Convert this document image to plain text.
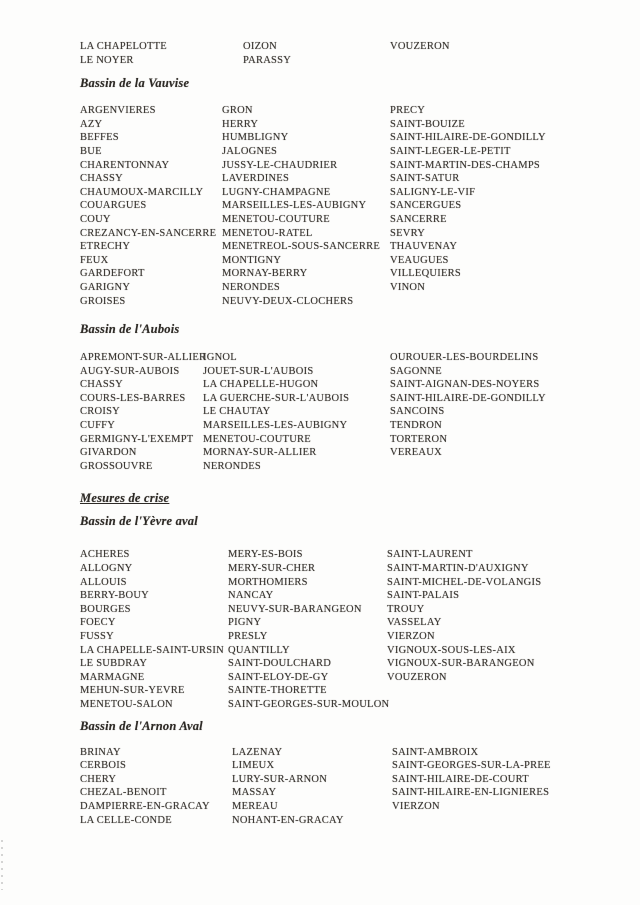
LA CHAPELOTTE
LE NOYER
OIZON
PARASSY
VOUZERON
Bassin de la Vauvise
ARGENVIERES
AZY
BEFFES
BUE
CHARENTONNAY
CHASSY
CHAUMOUX-MARCILLY
COUARGUES
COUY
CREZANCY-EN-SANCERRE
ETRECHY
FEUX
GARDEFORT
GARIGNY
GROISES
GRON
HERRY
HUMBLIGNY
JALOGNES
JUSSY-LE-CHAUDRIER
LAVERDINES
LUGNY-CHAMPAGNE
MARSEILLES-LES-AUBIGNY
MENETOU-COUTURE
MENETOU-RATEL
MENETREOL-SOUS-SANCERRE
MONTIGNY
MORNAY-BERRY
NERONDES
NEUVY-DEUX-CLOCHERS
PRECY
SAINT-BOUIZE
SAINT-HILAIRE-DE-GONDILLY
SAINT-LEGER-LE-PETIT
SAINT-MARTIN-DES-CHAMPS
SAINT-SATUR
SALIGNY-LE-VIF
SANCERGUES
SANCERRE
SEVRY
THAUVENAY
VEAUGUES
VILLEQUIERS
VINON
Bassin de l'Aubois
APREMONT-SUR-ALLIER
AUGY-SUR-AUBOIS
CHASSY
COURS-LES-BARRES
CROISY
CUFFY
GERMIGNY-L'EXEMPT
GIVARDON
GROSSOUVRE
IGNOL
JOUET-SUR-L'AUBOIS
LA CHAPELLE-HUGON
LA GUERCHE-SUR-L'AUBOIS
LE CHAUTAY
MARSEILLES-LES-AUBIGNY
MENETOU-COUTURE
MORNAY-SUR-ALLIER
NERONDES
OUROUER-LES-BOURDELINS
SAGONNE
SAINT-AIGNAN-DES-NOYERS
SAINT-HILAIRE-DE-GONDILLY
SANCOINS
TENDRON
TORTERON
VEREAUX
Mesures de crise
Bassin de l'Yèvre aval
ACHERES
ALLOGNY
ALLOUIS
BERRY-BOUY
BOURGES
FOECY
FUSSY
LA CHAPELLE-SAINT-URSIN
LE SUBDRAY
MARMAGNE
MEHUN-SUR-YEVRE
MENETOU-SALON
MERY-ES-BOIS
MERY-SUR-CHER
MORTHOMIERS
NANCAY
NEUVY-SUR-BARANGEON
PIGNY
PRESLY
QUANTILLY
SAINT-DOULCHARD
SAINT-ELOY-DE-GY
SAINTE-THORETTE
SAINT-GEORGES-SUR-MOULON
SAINT-LAURENT
SAINT-MARTIN-D'AUXIGNY
SAINT-MICHEL-DE-VOLANGIS
SAINT-PALAIS
TROUY
VASSELAY
VIERZON
VIGNOUX-SOUS-LES-AIX
VIGNOUX-SUR-BARANGEON
VOUZERON
Bassin de l'Arnon Aval
BRINAY
CERBOIS
CHERY
CHEZAL-BENOIT
DAMPIERRE-EN-GRACAY
LA CELLE-CONDE
LAZENAY
LIMEUX
LURY-SUR-ARNON
MASSAY
MEREAU
NOHANT-EN-GRACAY
SAINT-AMBROIX
SAINT-GEORGES-SUR-LA-PREE
SAINT-HILAIRE-DE-COURT
SAINT-HILAIRE-EN-LIGNIERES
VIERZON
